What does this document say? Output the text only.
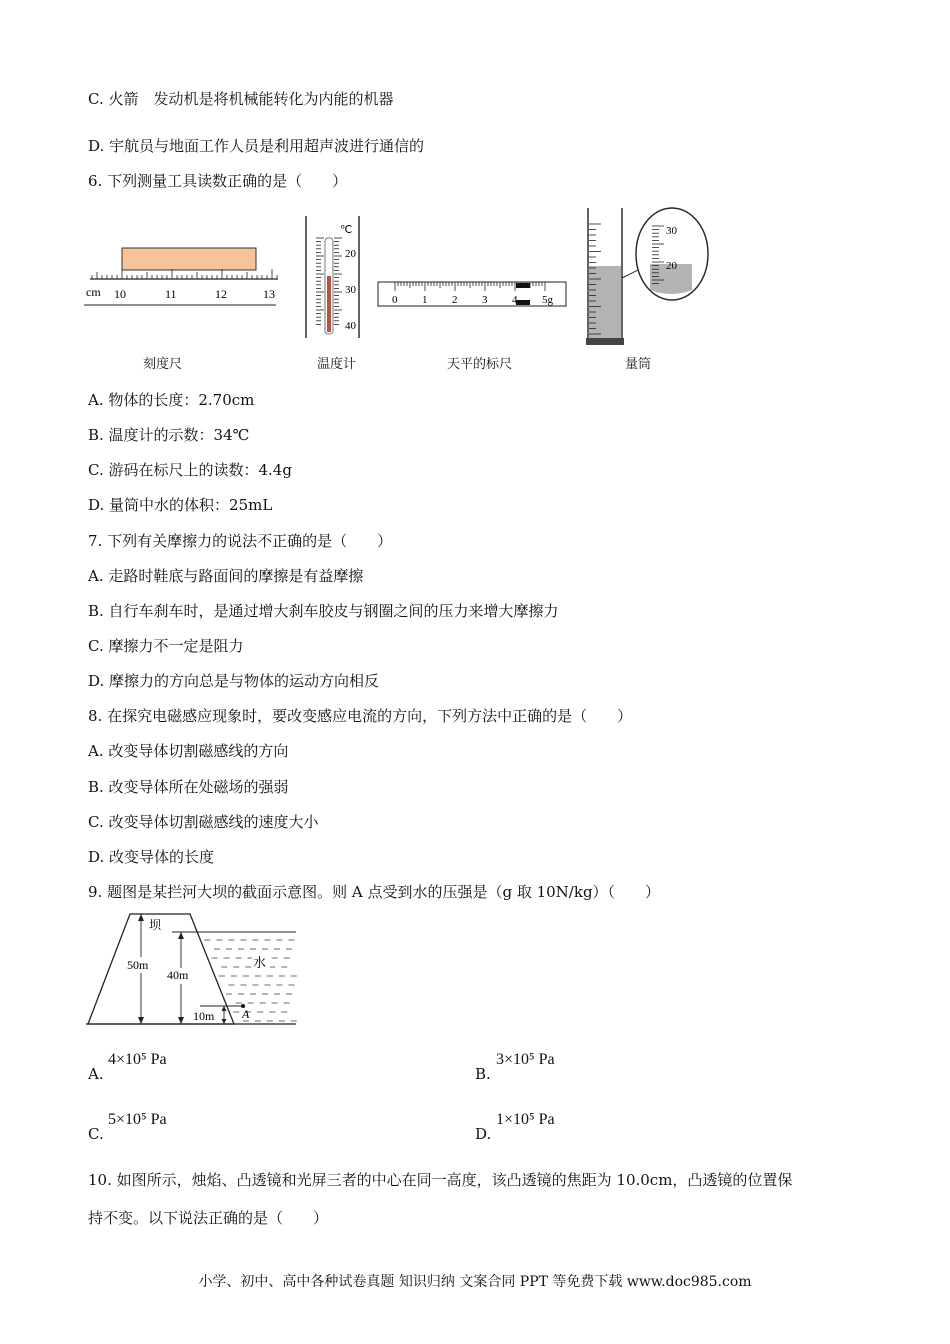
C. 火箭　发动机是将机械能转化为内能的机器
D. 宇航员与地面工作人员是利用超声波进行通信的
6. 下列测量工具读数正确的是（　　）
cm 10	11	12	13
℃
20
30
40
0 1 2 3 4 5g
30
20
刻度尺	温度计	天平的标尺	量筒
A. 物体的长度：2.70cm
B. 温度计的示数：34℃
C. 游码在标尺上的读数：4.4g
D. 量筒中水的体积：25mL
7. 下列有关摩擦力的说法不正确的是（　　）
A. 走路时鞋底与路面间的摩擦是有益摩擦
B. 自行车刹车时，是通过增大刹车胶皮与钢圈之间的压力来增大摩擦力
C. 摩擦力不一定是阻力
D. 摩擦力的方向总是与物体的运动方向相反
8. 在探究电磁感应现象时，要改变感应电流的方向，下列方法中正确的是（　　）
A. 改变导体切割磁感线的方向
B. 改变导体所在处磁场的强弱
C. 改变导体切割磁感线的速度大小
D. 改变导体的长度
9. 题图是某拦河大坝的截面示意图。则 A 点受到水的压强是（g 取 10N/kg）（　　）
坝
水
50m
40m
10m A
A.
4×10⁵ Pa
B.
3×10⁵ Pa
C.
5×10⁵ Pa
D.
1×10⁵ Pa
10. 如图所示，烛焰、凸透镜和光屏三者的中心在同一高度，该凸透镜的焦距为 10.0cm，凸透镜的位置保
持不变。以下说法正确的是（　　）
小学、初中、高中各种试卷真题 知识归纳 文案合同 PPT 等免费下载 www.doc985.com
